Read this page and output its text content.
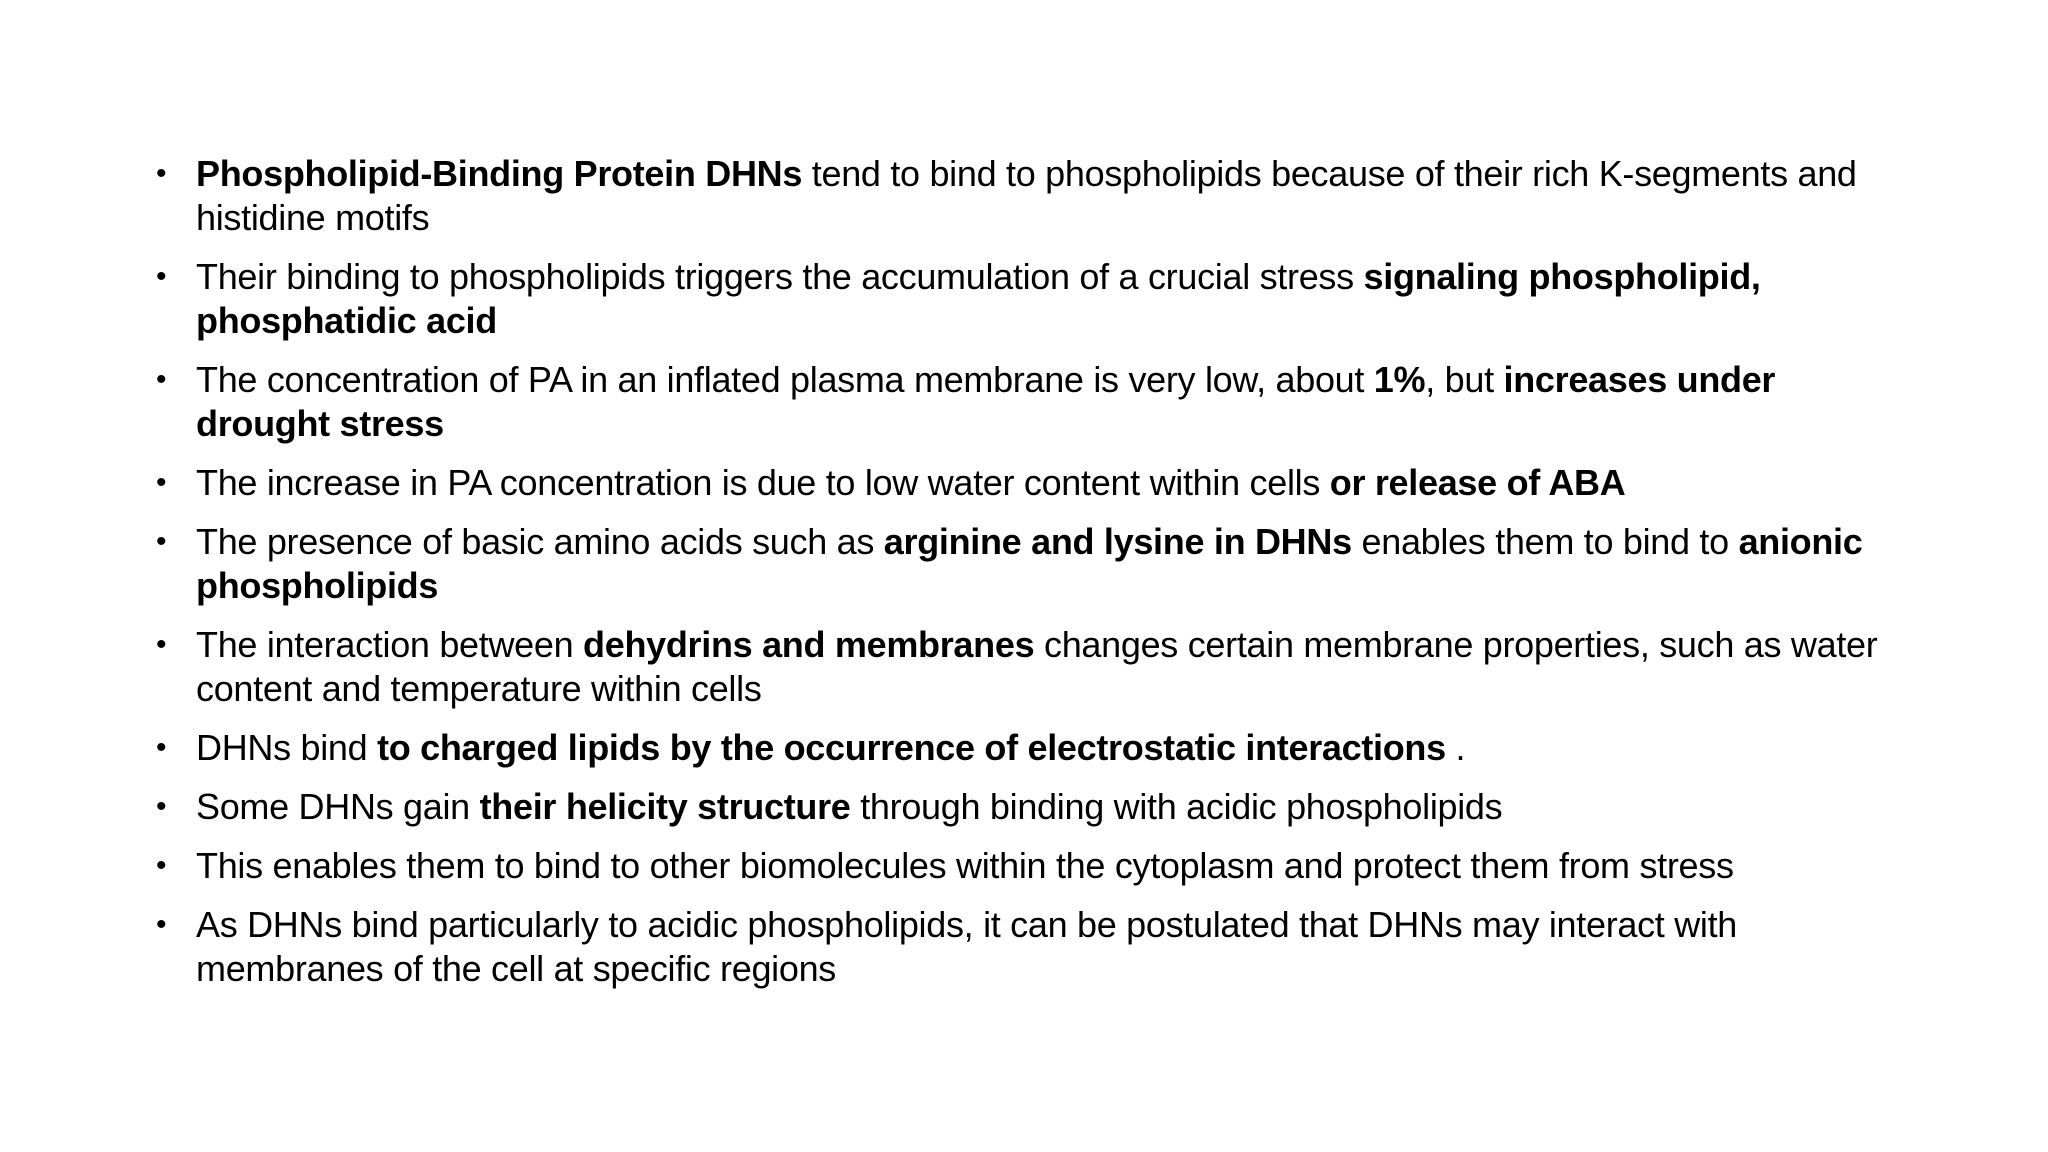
• Phospholipid-Binding Protein DHNs tend to bind to phospholipids because of their rich K-segments and histidine motifs
• Their binding to phospholipids triggers the accumulation of a crucial stress signaling phospholipid, phosphatidic acid
• The concentration of PA in an inflated plasma membrane is very low, about 1%, but increases under drought stress
• The increase in PA concentration is due to low water content within cells or release of ABA
• The presence of basic amino acids such as arginine and lysine in DHNs enables them to bind to anionic phospholipids
• The interaction between dehydrins and membranes changes certain membrane properties, such as water content and temperature within cells
• DHNs bind to charged lipids by the occurrence of electrostatic interactions .
• Some DHNs gain their helicity structure through binding with acidic phospholipids
• This enables them to bind to other biomolecules within the cytoplasm and protect them from stress
• As DHNs bind particularly to acidic phospholipids, it can be postulated that DHNs may interact with membranes of the cell at specific regions
